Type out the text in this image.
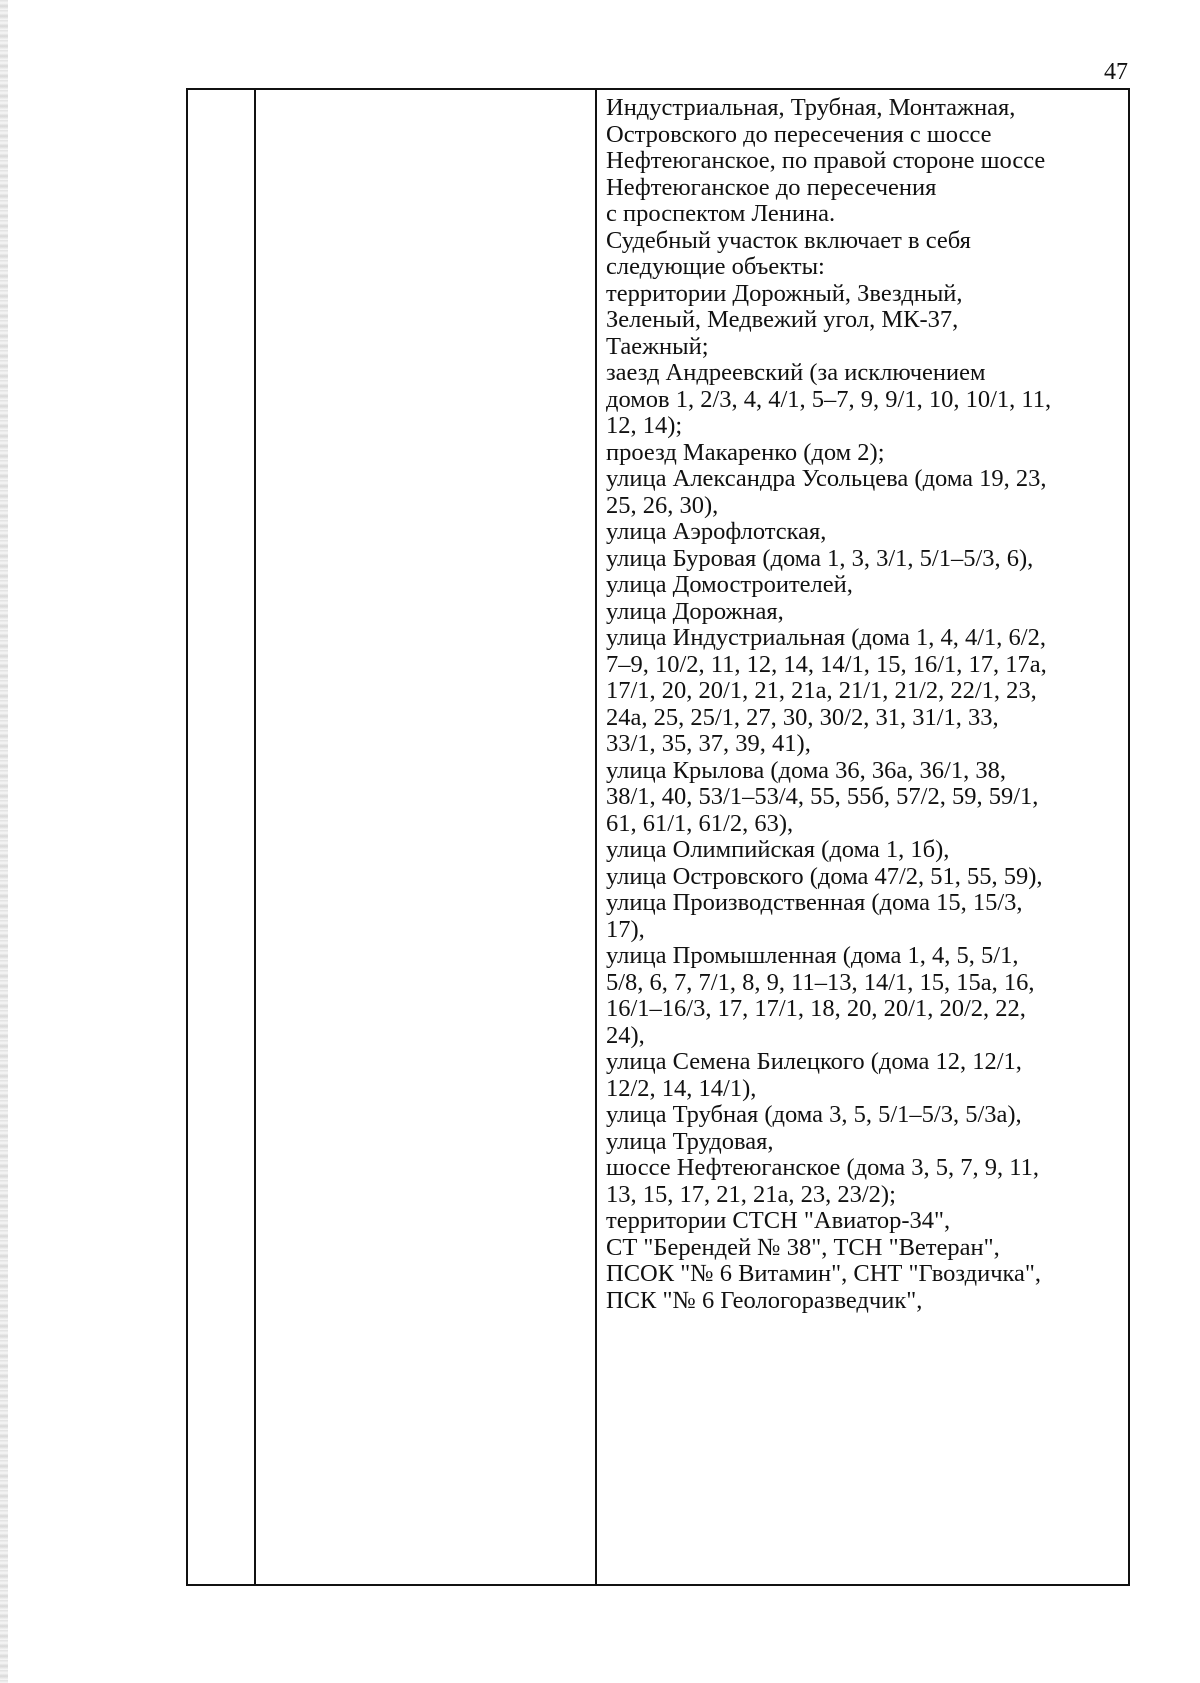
47

Индустриальная, Трубная, Монтажная,
Островского до пересечения с шоссе
Нефтеюганское, по правой стороне шоссе
Нефтеюганское до пересечения
с проспектом Ленина.
Судебный участок включает в себя
следующие объекты:
территории Дорожный, Звездный,
Зеленый, Медвежий угол, МК-37,
Таежный;
заезд Андреевский (за исключением
домов 1, 2/3, 4, 4/1, 5–7, 9, 9/1, 10, 10/1, 11,
12, 14);
проезд Макаренко (дом 2);
улица Александра Усольцева (дома 19, 23,
25, 26, 30),
улица Аэрофлотская,
улица Буровая (дома 1, 3, 3/1, 5/1–5/3, 6),
улица Домостроителей,
улица Дорожная,
улица Индустриальная (дома 1, 4, 4/1, 6/2,
7–9, 10/2, 11, 12, 14, 14/1, 15, 16/1, 17, 17а,
17/1, 20, 20/1, 21, 21а, 21/1, 21/2, 22/1, 23,
24а, 25, 25/1, 27, 30, 30/2, 31, 31/1, 33,
33/1, 35, 37, 39, 41),
улица Крылова (дома 36, 36а, 36/1, 38,
38/1, 40, 53/1–53/4, 55, 55б, 57/2, 59, 59/1,
61, 61/1, 61/2, 63),
улица Олимпийская (дома 1, 1б),
улица Островского (дома 47/2, 51, 55, 59),
улица Производственная (дома 15, 15/3,
17),
улица Промышленная (дома 1, 4, 5, 5/1,
5/8, 6, 7, 7/1, 8, 9, 11–13, 14/1, 15, 15а, 16,
16/1–16/3, 17, 17/1, 18, 20, 20/1, 20/2, 22,
24),
улица Семена Билецкого (дома 12, 12/1,
12/2, 14, 14/1),
улица Трубная (дома 3, 5, 5/1–5/3, 5/3а),
улица Трудовая,
шоссе Нефтеюганское (дома 3, 5, 7, 9, 11,
13, 15, 17, 21, 21а, 23, 23/2);
территории СТСН "Авиатор-34",
СТ "Берендей № 38", ТСН "Ветеран",
ПСОК "№ 6 Витамин", СНТ "Гвоздичка",
ПСК "№ 6 Геологоразведчик",
